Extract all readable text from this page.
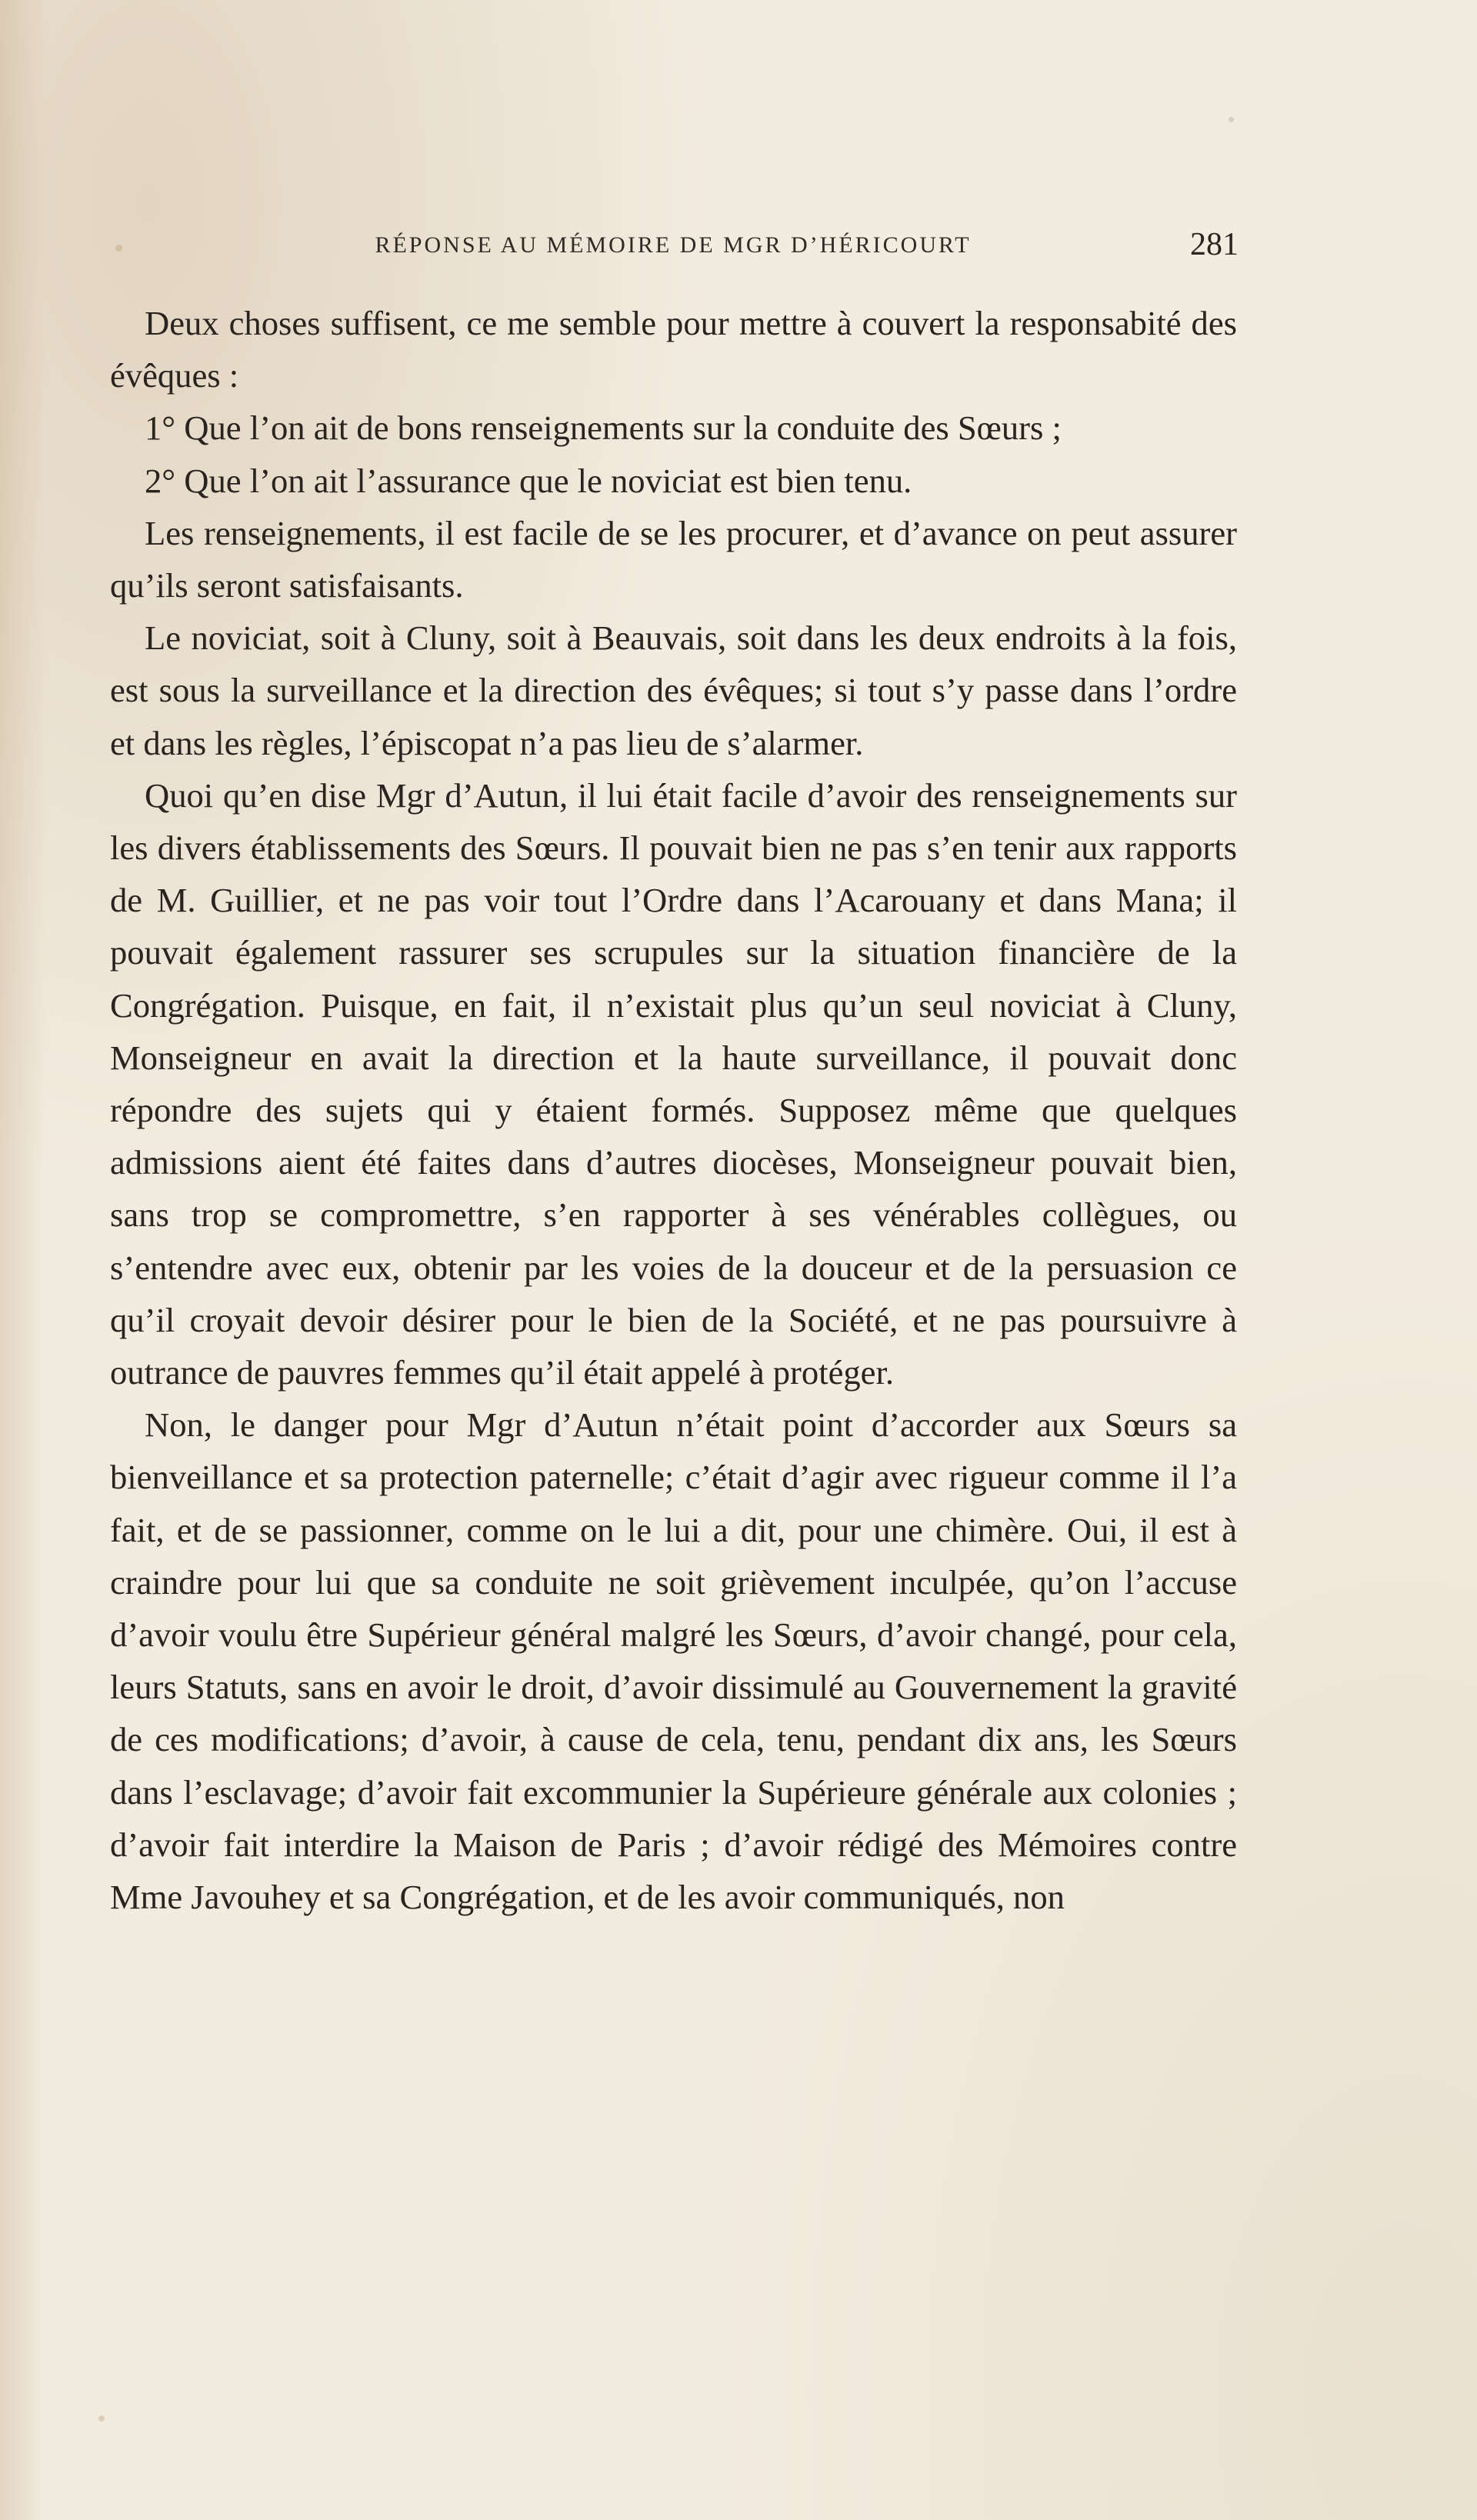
RÉPONSE AU MÉMOIRE DE MGR D’HÉRICOURT	281

Deux choses suffisent, ce me semble pour mettre à couvert la responsabité des évêques :

1° Que l’on ait de bons renseignements sur la conduite des Sœurs ;

2° Que l’on ait l’assurance que le noviciat est bien tenu.

Les renseignements, il est facile de se les procurer, et d’avance on peut assurer qu’ils seront satisfaisants.

Le noviciat, soit à Cluny, soit à Beauvais, soit dans les deux endroits à la fois, est sous la surveillance et la direction des évêques; si tout s’y passe dans l’ordre et dans les règles, l’épiscopat n’a pas lieu de s’alarmer.

Quoi qu’en dise Mgr d’Autun, il lui était facile d’avoir des renseignements sur les divers établissements des Sœurs. Il pouvait bien ne pas s’en tenir aux rapports de M. Guillier, et ne pas voir tout l’Ordre dans l’Acarouany et dans Mana; il pouvait également rassurer ses scrupules sur la situation financière de la Congrégation. Puisque, en fait, il n’existait plus qu’un seul noviciat à Cluny, Monseigneur en avait la direction et la haute surveillance, il pouvait donc répondre des sujets qui y étaient formés. Supposez même que quelques admissions aient été faites dans d’autres diocèses, Monseigneur pouvait bien, sans trop se compromettre, s’en rapporter à ses vénérables collègues, ou s’entendre avec eux, obtenir par les voies de la douceur et de la persuasion ce qu’il croyait devoir désirer pour le bien de la Société, et ne pas poursuivre à outrance de pauvres femmes qu’il était appelé à protéger.

Non, le danger pour Mgr d’Autun n’était point d’accorder aux Sœurs sa bienveillance et sa protection paternelle; c’était d’agir avec rigueur comme il l’a fait, et de se passionner, comme on le lui a dit, pour une chimère. Oui, il est à craindre pour lui que sa conduite ne soit grièvement inculpée, qu’on l’accuse d’avoir voulu être Supérieur général malgré les Sœurs, d’avoir changé, pour cela, leurs Statuts, sans en avoir le droit, d’avoir dissimulé au Gouvernement la gravité de ces modifications; d’avoir, à cause de cela, tenu, pendant dix ans, les Sœurs dans l’esclavage; d’avoir fait excommunier la Supérieure générale aux colonies ; d’avoir fait interdire la Maison de Paris ; d’avoir rédigé des Mémoires contre Mme Javouhey et sa Congrégation, et de les avoir communiqués, non
